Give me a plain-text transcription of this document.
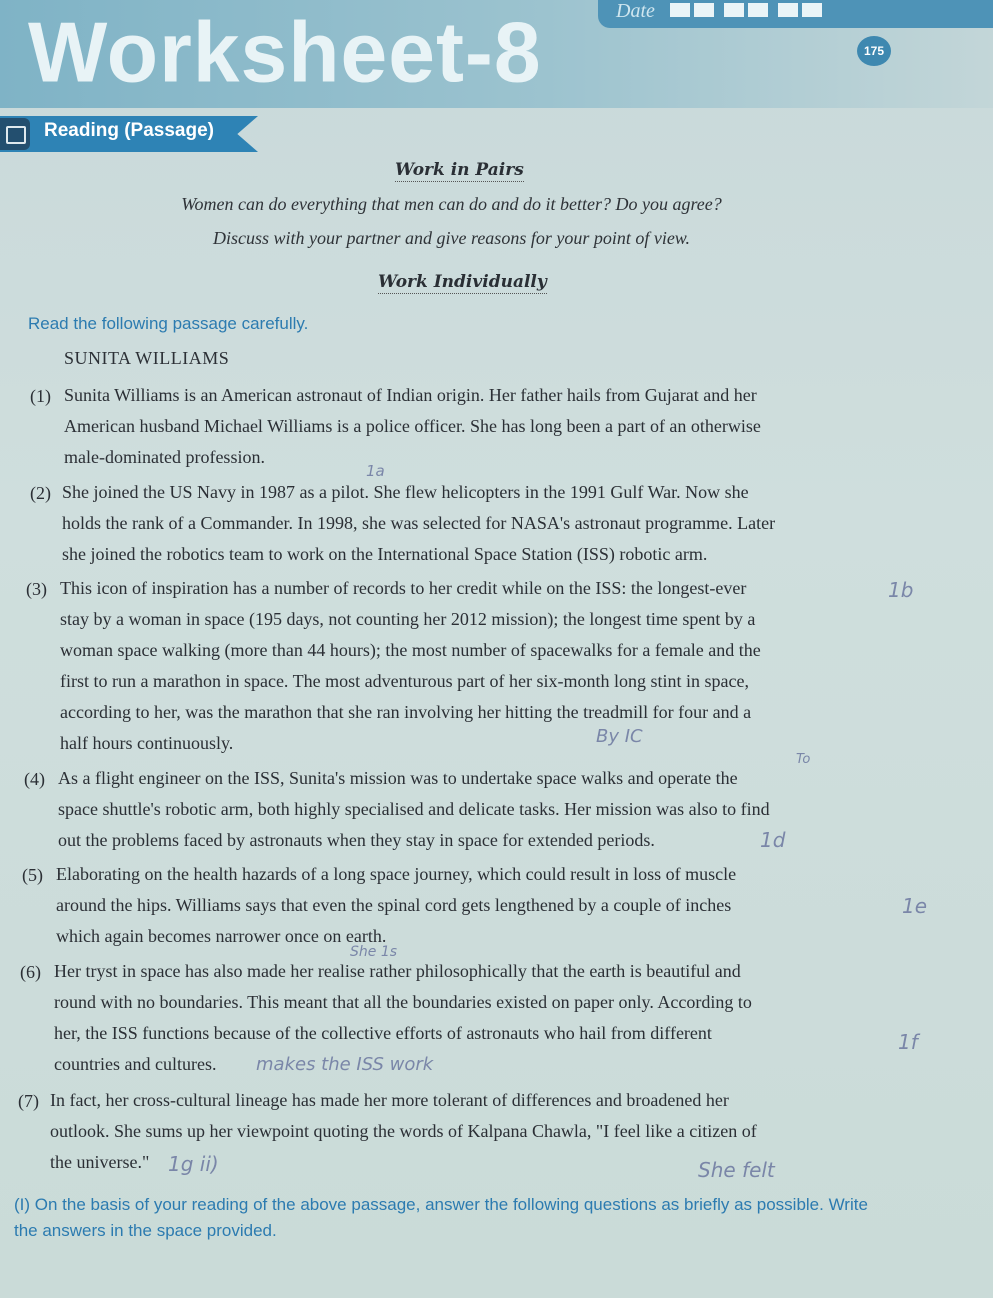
Worksheet-8	Date
175
Reading (Passage)
Work in Pairs
Women can do everything that men can do and do it better? Do you agree?
Discuss with your partner and give reasons for your point of view.
Work Individually
Read the following passage carefully.
SUNITA WILLIAMS
(1) Sunita Williams is an American astronaut of Indian origin. Her father hails from Gujarat and her
American husband Michael Williams is a police officer. She has long been a part of an otherwise
male-dominated profession.
(2) She joined the US Navy in 1987 as a pilot. She flew helicopters in the 1991 Gulf War. Now she
holds the rank of a Commander. In 1998, she was selected for NASA's astronaut programme. Later
she joined the robotics team to work on the International Space Station (ISS) robotic arm.
(3) This icon of inspiration has a number of records to her credit while on the ISS: the longest-ever
stay by a woman in space (195 days, not counting her 2012 mission); the longest time spent by a
woman space walking (more than 44 hours); the most number of spacewalks for a female and the
first to run a marathon in space. The most adventurous part of her six-month long stint in space,
according to her, was the marathon that she ran involving her hitting the treadmill for four and a
half hours continuously.
(4) As a flight engineer on the ISS, Sunita's mission was to undertake space walks and operate the
space shuttle's robotic arm, both highly specialised and delicate tasks. Her mission was also to find
out the problems faced by astronauts when they stay in space for extended periods.
(5) Elaborating on the health hazards of a long space journey, which could result in loss of muscle
around the hips. Williams says that even the spinal cord gets lengthened by a couple of inches
which again becomes narrower once on earth.
(6) Her tryst in space has also made her realise rather philosophically that the earth is beautiful and
round with no boundaries. This meant that all the boundaries existed on paper only. According to
her, the ISS functions because of the collective efforts of astronauts who hail from different
countries and cultures.
(7) In fact, her cross-cultural lineage has made her more tolerant of differences and broadened her
outlook. She sums up her viewpoint quoting the words of Kalpana Chawla, "I feel like a citizen of
the universe."
1a
1b
By IC
To
1d
1e
She 1s
1f
makes the ISS work
1g ii)	She felt
(I) On the basis of your reading of the above passage, answer the following questions as briefly as possible. Write the answers in the space provided.
